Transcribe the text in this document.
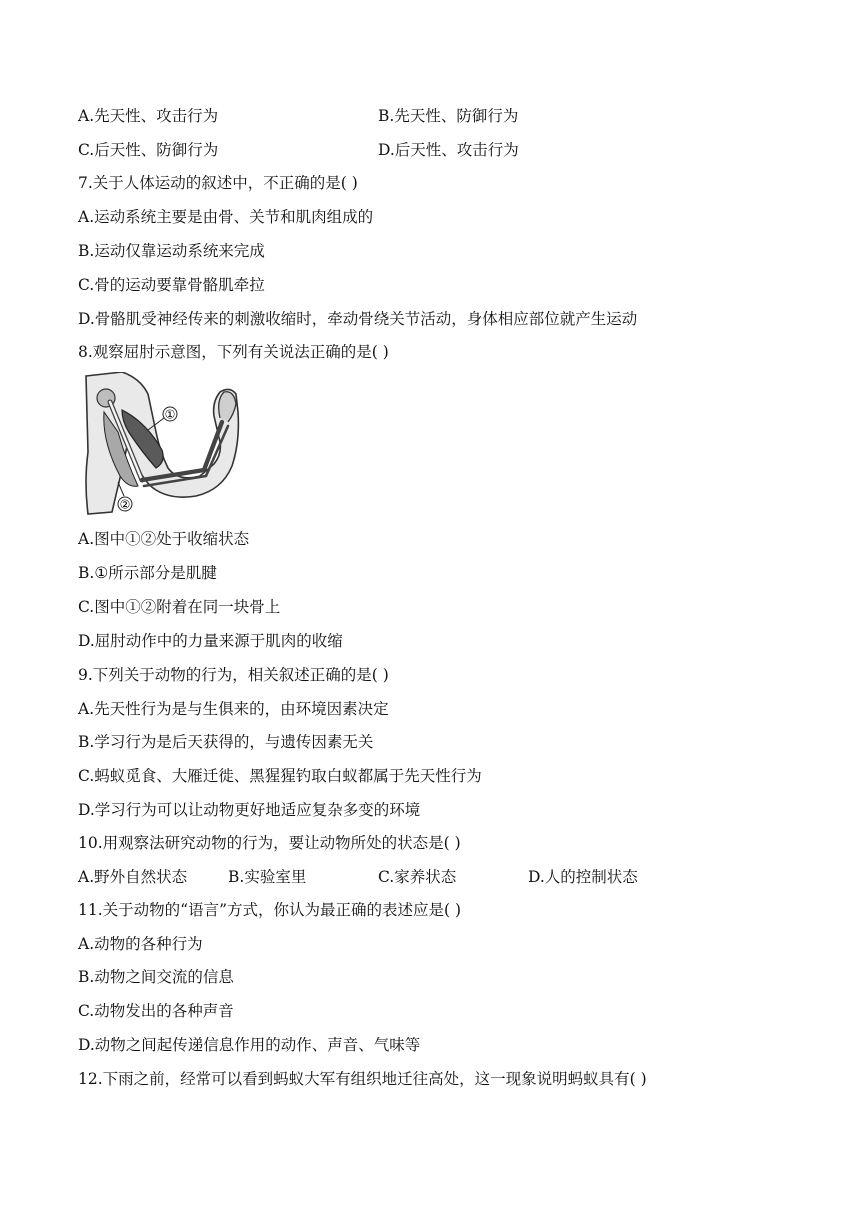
A.先天性、攻击行为	B.先天性、防御行为
C.后天性、防御行为	D.后天性、攻击行为
7.关于人体运动的叙述中，不正确的是( )
A.运动系统主要是由骨、关节和肌肉组成的
B.运动仅靠运动系统来完成
C.骨的运动要靠骨骼肌牵拉
D.骨骼肌受神经传来的刺激收缩时，牵动骨绕关节活动，身体相应部位就产生运动
8.观察屈肘示意图，下列有关说法正确的是( )
①
②
A.图中①②处于收缩状态
B.①所示部分是肌腱
C.图中①②附着在同一块骨上
D.屈肘动作中的力量来源于肌肉的收缩
9.下列关于动物的行为，相关叙述正确的是( )
A.先天性行为是与生俱来的，由环境因素决定
B.学习行为是后天获得的，与遗传因素无关
C.蚂蚁觅食、大雁迁徙、黑猩猩钓取白蚁都属于先天性行为
D.学习行为可以让动物更好地适应复杂多变的环境
10.用观察法研究动物的行为，要让动物所处的状态是( )
A.野外自然状态	B.实验室里	C.家养状态	D.人的控制状态
11.关于动物的“语言”方式，你认为最正确的表述应是( )
A.动物的各种行为
B.动物之间交流的信息
C.动物发出的各种声音
D.动物之间起传递信息作用的动作、声音、气味等
12.下雨之前，经常可以看到蚂蚁大军有组织地迁往高处，这一现象说明蚂蚁具有( )
